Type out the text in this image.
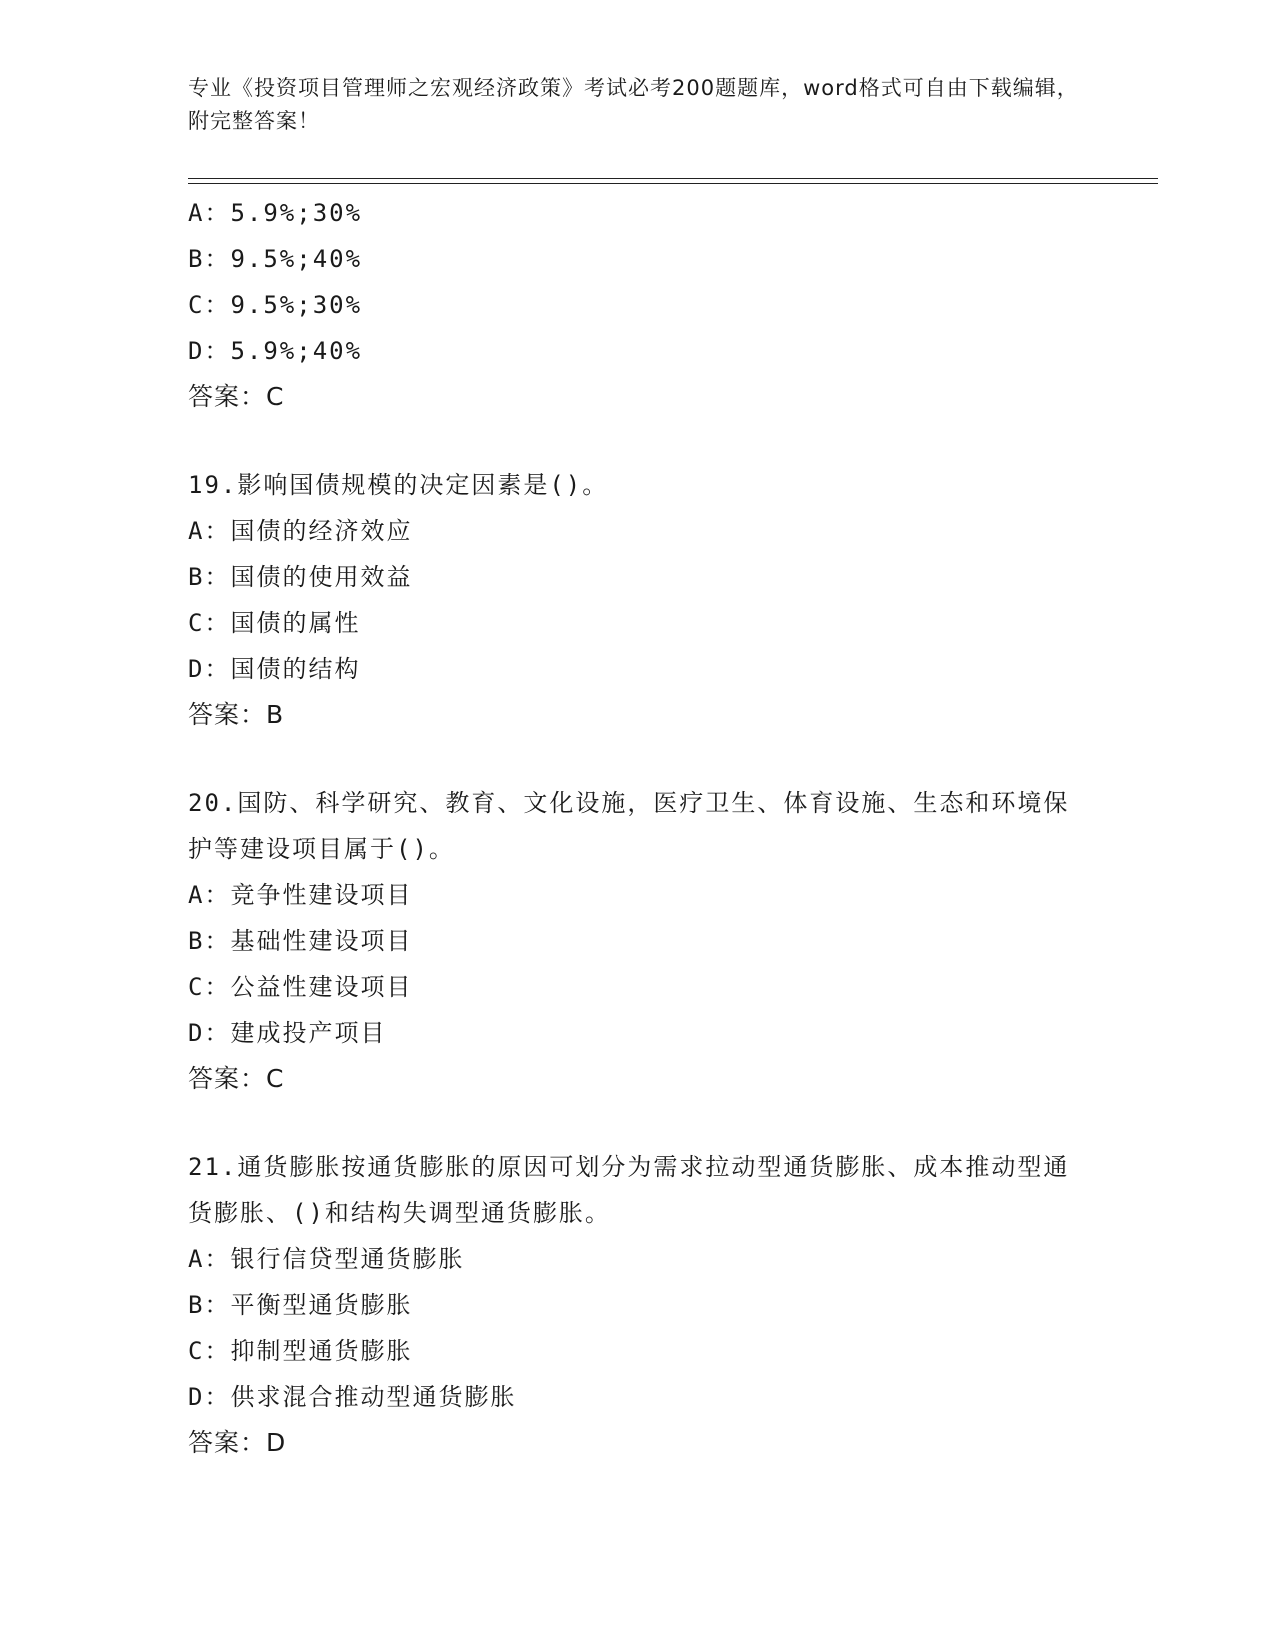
专业《投资项目管理师之宏观经济政策》考试必考200题题库，word格式可自由下载编辑，附完整答案！
A：5.9%;30%
B：9.5%;40%
C：9.5%;30%
D：5.9%;40%
答案：C
19.影响国债规模的决定因素是()。
A：国债的经济效应
B：国债的使用效益
C：国债的属性
D：国债的结构
答案：B
20.国防、科学研究、教育、文化设施，医疗卫生、体育设施、生态和环境保护等建设项目属于()。
A：竞争性建设项目
B：基础性建设项目
C：公益性建设项目
D：建成投产项目
答案：C
21.通货膨胀按通货膨胀的原因可划分为需求拉动型通货膨胀、成本推动型通货膨胀、()和结构失调型通货膨胀。
A：银行信贷型通货膨胀
B：平衡型通货膨胀
C：抑制型通货膨胀
D：供求混合推动型通货膨胀
答案：D
